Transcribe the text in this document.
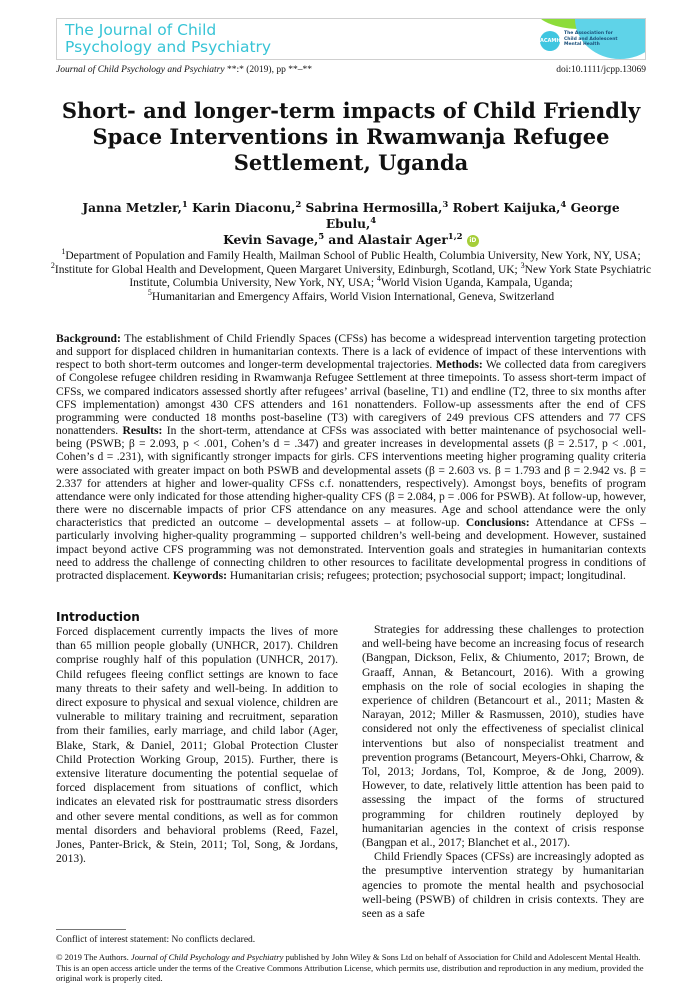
The Journal of Child
Psychology and Psychiatry	ACAMH
The Association for Child and Adolescent Mental Health
Journal of Child Psychology and Psychiatry **:* (2019), pp **–**	doi:10.1111/jcpp.13069
Short- and longer-term impacts of Child Friendly Space Interventions in Rwamwanja Refugee Settlement, Uganda
Janna Metzler,$^1$ Karin Diaconu,$^2$ Sabrina Hermosilla,$^3$ Robert Kaijuka,$^4$ George Ebulu,$^4$
Kevin Savage,$^5$ and Alastair Ager$^{1,2}$ iD
$^1$Department of Population and Family Health, Mailman School of Public Health, Columbia University, New York, NY, USA; $^2$Institute for Global Health and Development, Queen Margaret University, Edinburgh, Scotland, UK; $^3$New York State Psychiatric Institute, Columbia University, New York, NY, USA; $^4$World Vision Uganda, Kampala, Uganda;
$^5$Humanitarian and Emergency Affairs, World Vision International, Geneva, Switzerland
Background: The establishment of Child Friendly Spaces (CFSs) has become a widespread intervention targeting protection and support for displaced children in humanitarian contexts. There is a lack of evidence of impact of these interventions with respect to both short-term outcomes and longer-term developmental trajectories. Methods: We collected data from caregivers of Congolese refugee children residing in Rwamwanja Refugee Settlement at three timepoints. To assess short-term impact of CFSs, we compared indicators assessed shortly after refugees’ arrival (baseline, T1) and endline (T2, three to six months after CFS implementation) amongst 430 CFS attenders and 161 nonattenders. Follow-up assessments after the end of CFS programming were conducted 18 months post-baseline (T3) with caregivers of 249 previous CFS attenders and 77 CFS nonattenders. Results: In the short-term, attendance at CFSs was associated with better maintenance of psychosocial well-being (PSWB; β = 2.093, p < .001, Cohen’s d = .347) and greater increases in developmental assets (β = 2.517, p < .001, Cohen’s d = .231), with significantly stronger impacts for girls. CFS interventions meeting higher programing quality criteria were associated with greater impact on both PSWB and developmental assets (β = 2.603 vs. β = 1.793 and β = 2.942 vs. β = 2.337 for attenders at higher and lower-quality CFSs c.f. nonattenders, respectively). Amongst boys, benefits of program attendance were only indicated for those attending higher-quality CFS (β = 2.084, p = .006 for PSWB). At follow-up, however, there were no discernable impacts of prior CFS attendance on any measures. Age and school attendance were the only characteristics that predicted an outcome – developmental assets – at follow-up. Conclusions: Attendance at CFSs – particularly involving higher-quality programming – supported children’s well-being and development. However, sustained impact beyond active CFS programming was not demonstrated. Intervention goals and strategies in humanitarian contexts need to address the challenge of connecting children to other resources to facilitate developmental progress in conditions of protracted displacement. Keywords: Humanitarian crisis; refugees; protection; psychosocial support; impact; longitudinal.
Introduction

Forced displacement currently impacts the lives of more than 65 million people globally (UNHCR, 2017). Children comprise roughly half of this population (UNHCR, 2017). Child refugees fleeing conflict settings are known to face many threats to their safety and well-being. In addition to direct exposure to physical and sexual violence, children are vulnerable to military training and recruitment, separation from their families, early marriage, and child labor (Ager, Blake, Stark, & Daniel, 2011; Global Protection Cluster Child Protection Working Group, 2015). Further, there is extensive literature documenting the potential sequelae of forced displacement from situations of conflict, which indicates an elevated risk for posttraumatic stress disorders and other severe mental conditions, as well as for common mental disorders and behavioral problems (Reed, Fazel, Jones, Panter-Brick, & Stein, 2011; Tol, Song, & Jordans, 2013).

Strategies for addressing these challenges to protection and well-being have become an increasing focus of research (Bangpan, Dickson, Felix, & Chiumento, 2017; Brown, de Graaff, Annan, & Betancourt, 2016). With a growing emphasis on the role of social ecologies in shaping the experience of children (Betancourt et al., 2011; Masten & Narayan, 2012; Miller & Rasmussen, 2010), studies have considered not only the effectiveness of specialist clinical interventions but also of nonspecialist treatment and prevention programs (Betancourt, Meyers-Ohki, Charrow, & Tol, 2013; Jordans, Tol, Komproe, & de Jong, 2009). However, to date, relatively little attention has been paid to assessing the impact of the forms of structured programming for children routinely deployed by humanitarian agencies in the context of crisis response (Bangpan et al., 2017; Blanchet et al., 2017).

Child Friendly Spaces (CFSs) are increasingly adopted as the presumptive intervention strategy by humanitarian agencies to promote the mental health and psychosocial well-being (PSWB) of children in crisis contexts. They are seen as a safe

Conflict of interest statement: No conflicts declared.
© 2019 The Authors. Journal of Child Psychology and Psychiatry published by John Wiley & Sons Ltd on behalf of Association for Child and Adolescent Mental Health.
This is an open access article under the terms of the Creative Commons Attribution License, which permits use, distribution and reproduction in any medium, provided the original work is properly cited.
